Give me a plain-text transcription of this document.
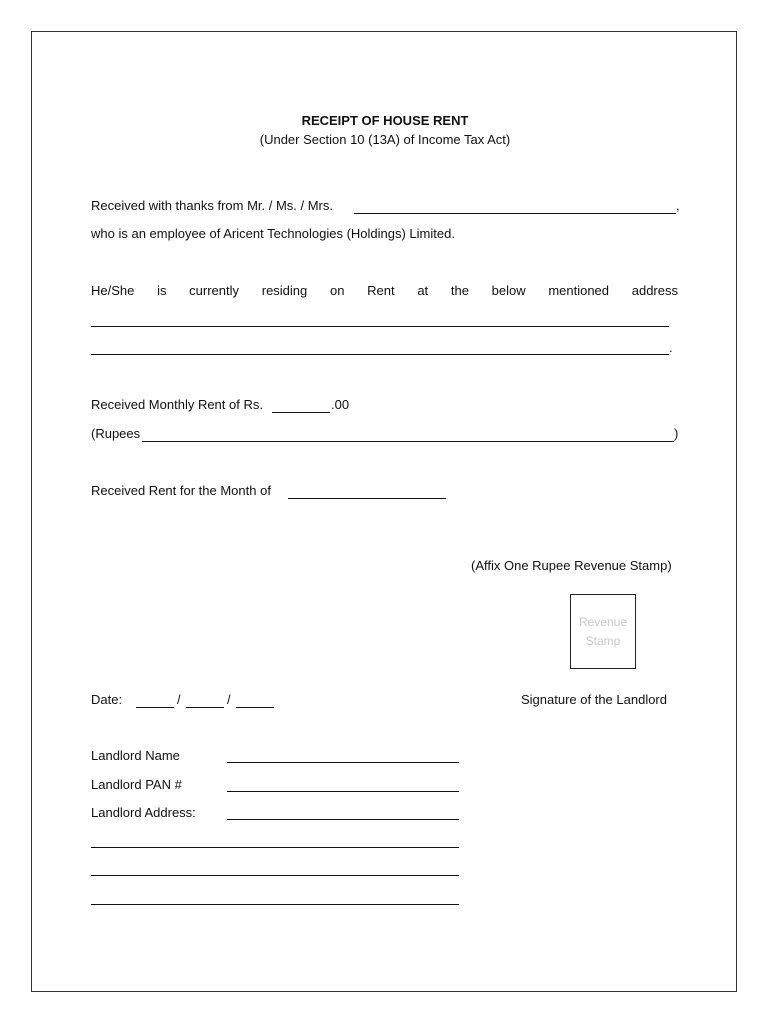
RECEIPT OF HOUSE RENT
(Under Section 10 (13A) of Income Tax Act)
Received with thanks from Mr. / Ms. / Mrs.	,
who is an employee of Aricent Technologies (Holdings) Limited.
He/She is currently residing on Rent at the below mentioned address
.
Received Monthly Rent of Rs.	.00
(Rupees	)
Received Rent for the Month of
(Affix One Rupee Revenue Stamp)
Revenue
Stamp
Date:	/	/	Signature of the Landlord
Landlord Name
Landlord PAN #
Landlord Address:
